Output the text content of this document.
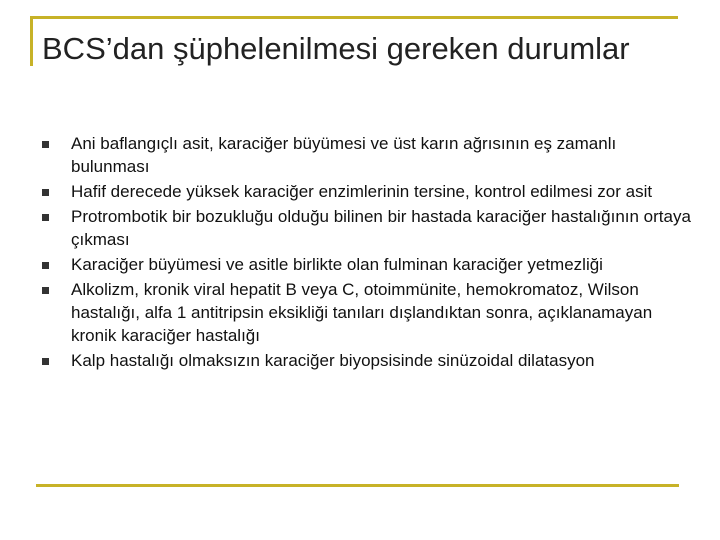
BCS’dan şüphelenilmesi gereken durumlar
Ani baflangıçlı asit, karaciğer büyümesi ve üst karın ağrısının eş zamanlı bulunması
Hafif derecede yüksek karaciğer enzimlerinin tersine, kontrol edilmesi zor asit
Protrombotik bir bozukluğu olduğu bilinen bir hastada karaciğer hastalığının ortaya çıkması
Karaciğer büyümesi ve asitle birlikte olan fulminan karaciğer yetmezliği
Alkolizm, kronik viral hepatit B veya C, otoimmünite, hemokromatoz, Wilson hastalığı, alfa 1 antitripsin eksikliği tanıları dışlandıktan sonra, açıklanamayan kronik karaciğer hastalığı
Kalp hastalığı olmaksızın karaciğer biyopsisinde sinüzoidal dilatasyon
